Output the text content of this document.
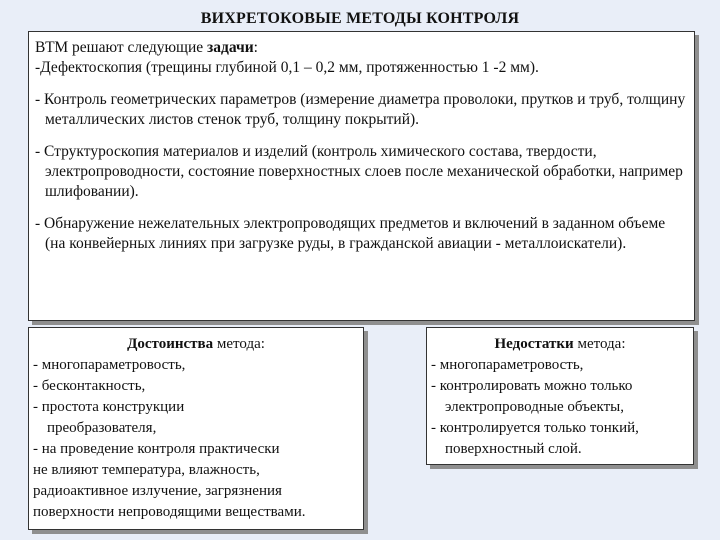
ВИХРЕТОКОВЫЕ МЕТОДЫ КОНТРОЛЯ

ВТМ решают следующие задачи:

-Дефектоскопия (трещины глубиной 0,1 – 0,2 мм, протяженностью 1 -2 мм).

- Контроль геометрических параметров (измерение диаметра проволоки, прутков и труб, толщину металлических листов стенок труб, толщину покрытий).

- Структуроскопия материалов и изделий (контроль химического состава, твердости, электропроводности, состояние поверхностных слоев после механической обработки, например шлифовании).

- Обнаружение нежелательных электропроводящих предметов и включений в заданном объеме (на конвейерных линиях при загрузке руды, в гражданской авиации - металлоискатели).

Достоинства метода:
- многопараметровость,
- бесконтакность,
- простота конструкции
преобразователя,
- на проведение контроля практически
не влияют температура, влажность,
радиоактивное излучение, загрязнения
поверхности непроводящими веществами.
Недостатки метода:
- многопараметровость,
- контролировать можно только
электропроводные объекты,
- контролируется только тонкий,
поверхностный слой.
